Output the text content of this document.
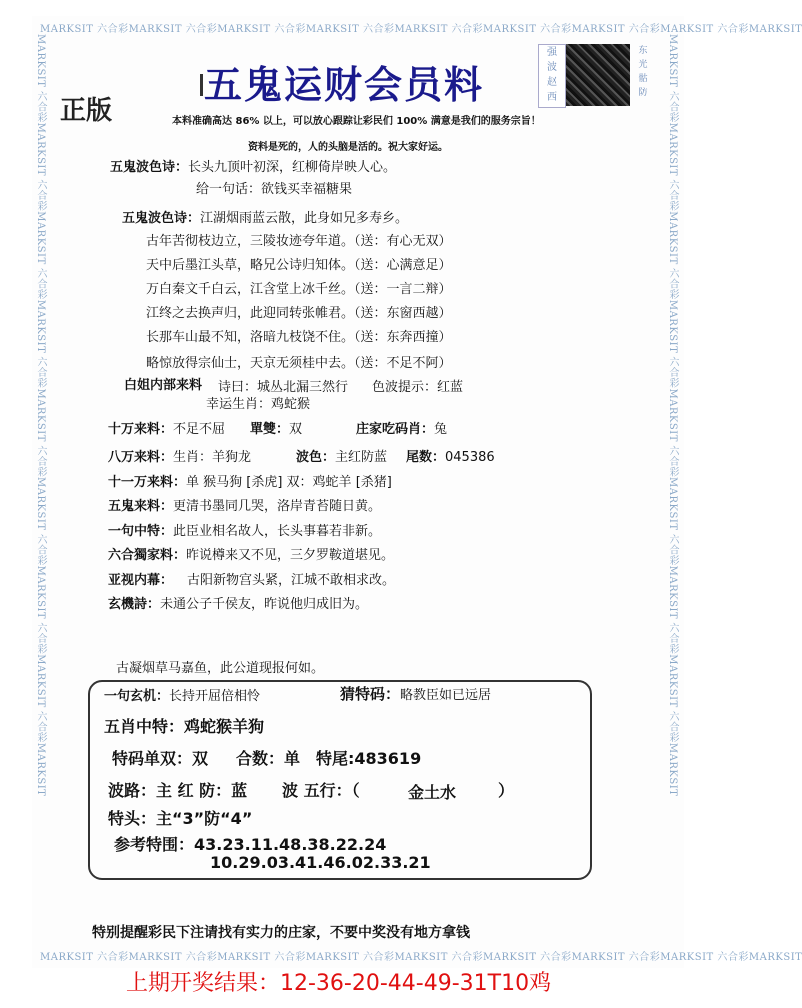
MARKSIT 六合彩MARKSIT 六合彩MARKSIT 六合彩MARKSIT 六合彩MARKSIT 六合彩MARKSIT 六合彩MARKSIT 六合彩MARKSIT 六合彩MARKSIT
MARKSIT 六合彩MARKSIT 六合彩MARKSIT 六合彩MARKSIT 六合彩MARKSIT 六合彩MARKSIT 六合彩MARKSIT 六合彩MARKSIT 六合彩MARKSIT
MARKSIT 六合彩MARKSIT 六合彩MARKSIT 六合彩MARKSIT 六合彩MARKSIT 六合彩MARKSIT 六合彩MARKSIT 六合彩MARKSIT 六合彩MARKSIT	MARKSIT 六合彩MARKSIT 六合彩MARKSIT 六合彩MARKSIT 六合彩MARKSIT 六合彩MARKSIT 六合彩MARKSIT 六合彩MARKSIT 六合彩MARKSIT
五鬼运财会员料
正版
强
波
赵
西
东
光
骷
防
本料准确高达 86% 以上，可以放心跟踪让彩民们 100% 满意是我们的服务宗旨！
资料是死的，人的头脑是活的。祝大家好运。
五鬼波色诗：长头九顶叶初深，红柳倚岸映人心。
给一句话：欲钱买幸福糖果
五鬼波色诗：江湖烟雨蓝云散，此身如兄多寿乡。
古年苦彻枝边立，三陵妆迹夸年道。（送：有心无双）
天中后墨江头草，略兄公诗归知体。（送：心满意足）
万白秦文千白云，江含堂上冰千丝。（送：一言二辩）
江终之去换声归，此迎同转张帷君。（送：东窗西越）
长那车山最不知，洛暗九枝饶不住。（送：东奔西撞）
略惊放得宗仙士，天京无须桂中去。（送：不足不阿）
白姐内部来料 诗曰：城丛北漏三然行 色波提示：红蓝
幸运生肖：鸡蛇猴
十万来料：不足不屈 單雙：双	庄家吃码肖：兔
八万来料：生肖：羊狗龙	波色：主红防蓝 尾数：045386
十一万来料：单 猴马狗 [杀虎] 双：鸡蛇羊 [杀猪]
五鬼来料：更清书墨同几哭，洛岸青苔随日黄。
一句中特：此臣业相名故人，长头事暮若非新。
六合獨家料：昨说樽来又不见，三夕罗鞍道堪见。
亚视内幕： 古阳新物宫头紧，江城不敢相求改。
玄機詩：未通公子千侯友，昨说他归成旧为。
古凝烟草马嘉鱼，此公道现报何如。
一句玄机：长持开屈倍相怜	猜特码：略教臣如已远居
五肖中特：鸡蛇猴羊狗
特码单双：双 合数：单 特尾:483619
波路：主 红 防：蓝 波 五行：（	金土水	）
特头：主“3”防“4”
参考特围：43.23.11.48.38.22.24
10.29.03.41.46.02.33.21
特别提醒彩民下注请找有实力的庄家，不要中奖没有地方拿钱
上期开奖结果：12-36-20-44-49-31T10鸡
